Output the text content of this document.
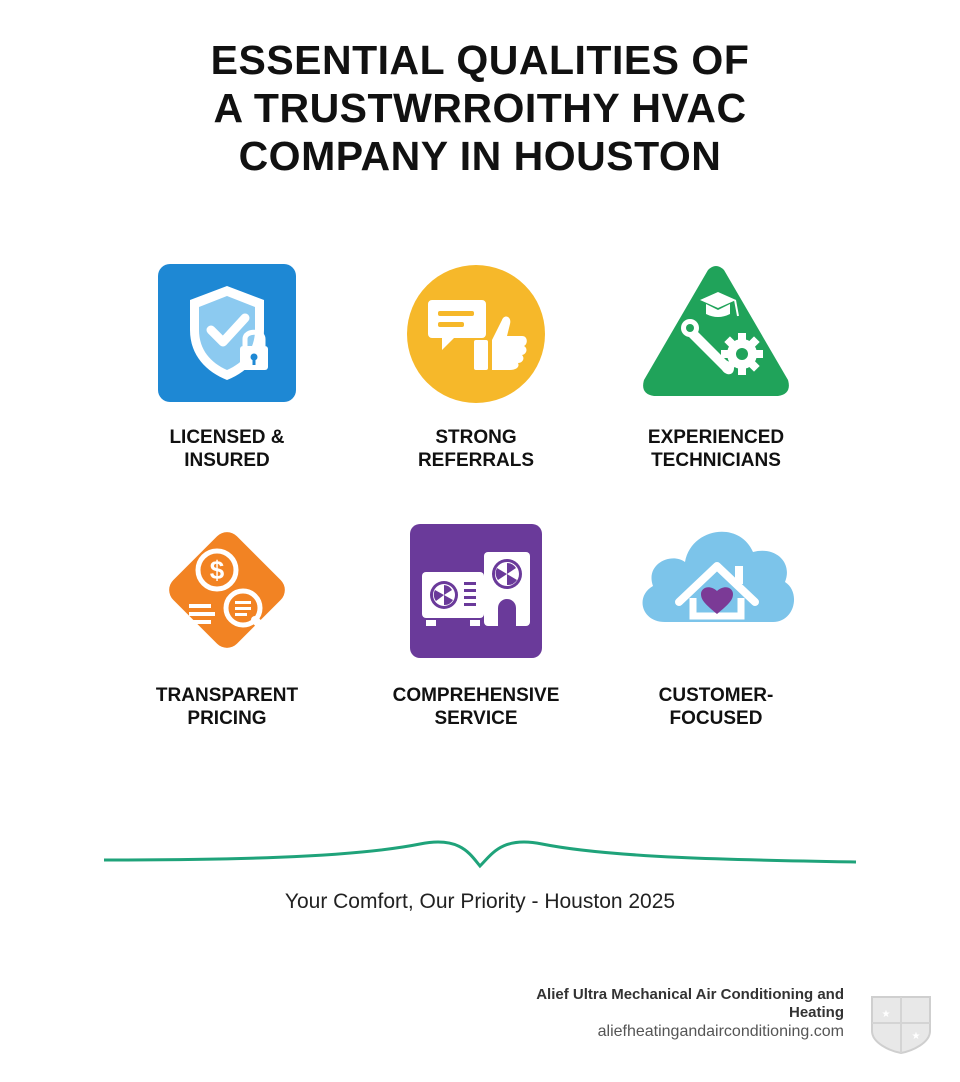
ESSENTIAL QUALITIES OF
A TRUSTWRROITHY HVAC
COMPANY IN HOUSTON
LICENSED &
INSURED
STRONG
REFERRALS
EXPERIENCED
TECHNICIANS
$
TRANSPARENT
PRICING
COMPREHENSIVE
SERVICE
CUSTOMER-
FOCUSED
Your Comfort, Our Priority - Houston 2025
Alief Ultra Mechanical Air Conditioning and
Heating
aliefheatingandairconditioning.com
★
★
